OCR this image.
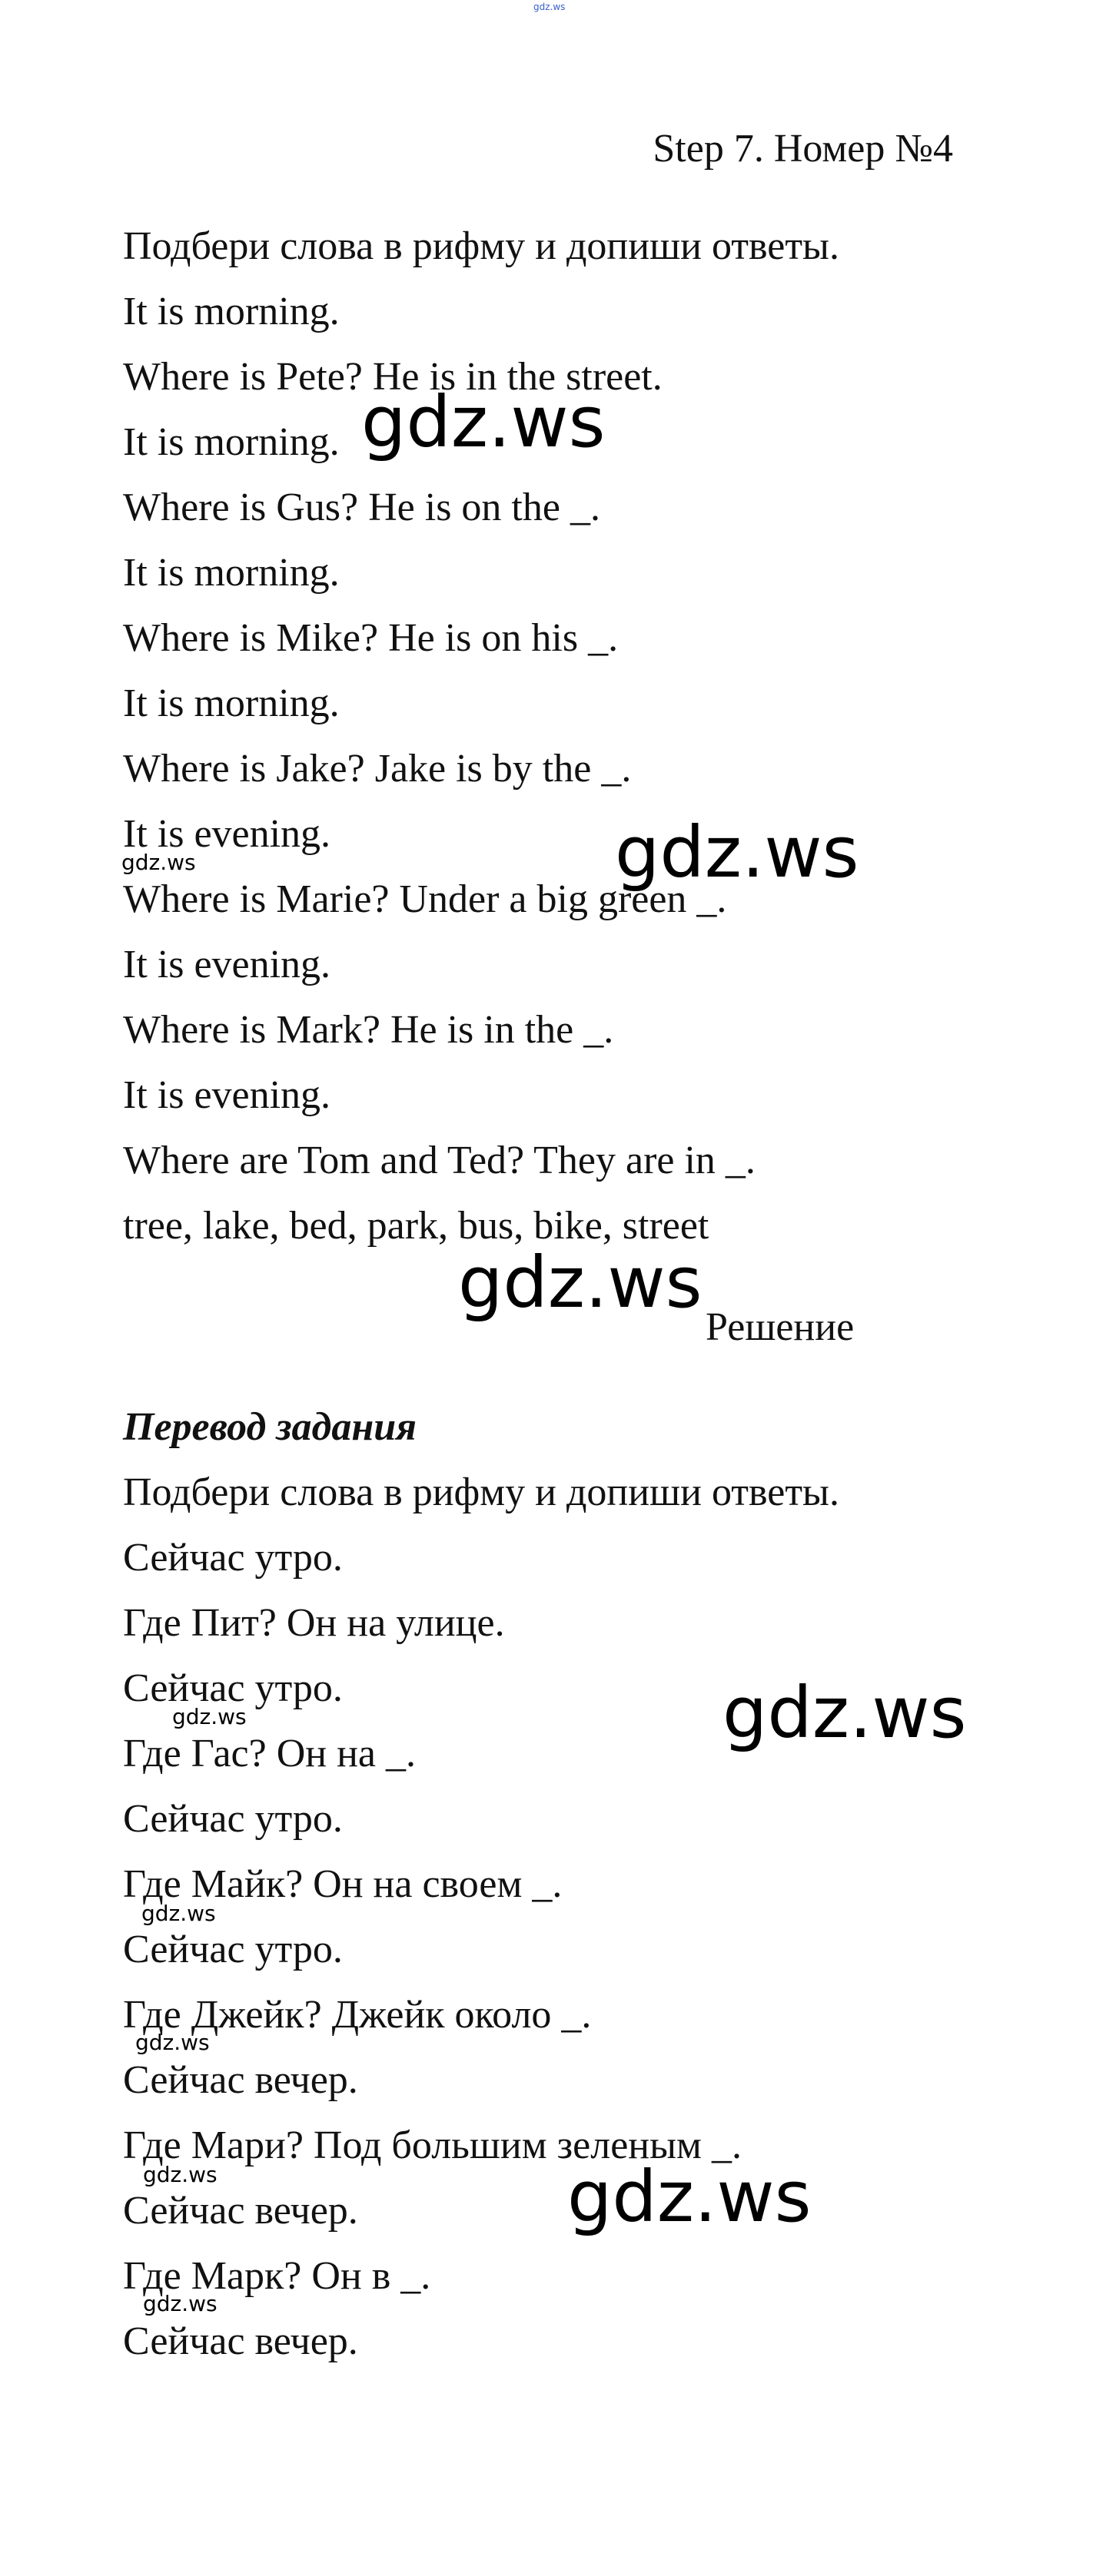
gdz.ws
Step 7. Номер №4
Подбери слова в рифму и допиши ответы.
It is morning.
Where is Pete? He is in the street.
It is morning.
Where is Gus? He is on the _.
It is morning.
Where is Mike? He is on his _.
It is morning.
Where is Jake? Jake is by the _.
It is evening.
Where is Marie? Under a big green _.
It is evening.
Where is Mark? He is in the _.
It is evening.
Where are Tom and Ted? They are in _.
tree, lake, bed, park, bus, bike, street
Решение
Перевод задания
Подбери слова в рифму и допиши ответы.
Сейчас утро.
Где Пит? Он на улице.
Сейчас утро.
Где Гас? Он на _.
Сейчас утро.
Где Майк? Он на своем _.
Сейчас утро.
Где Джейк? Джейк около _.
Сейчас вечер.
Где Мари? Под большим зеленым _.
Сейчас вечер.
Где Марк? Он в _.
Сейчас вечер.
gdz.ws
gdz.ws
gdz.ws
gdz.ws
gdz.ws
gdz.ws
gdz.ws
gdz.ws
gdz.ws
gdz.ws
gdz.ws
